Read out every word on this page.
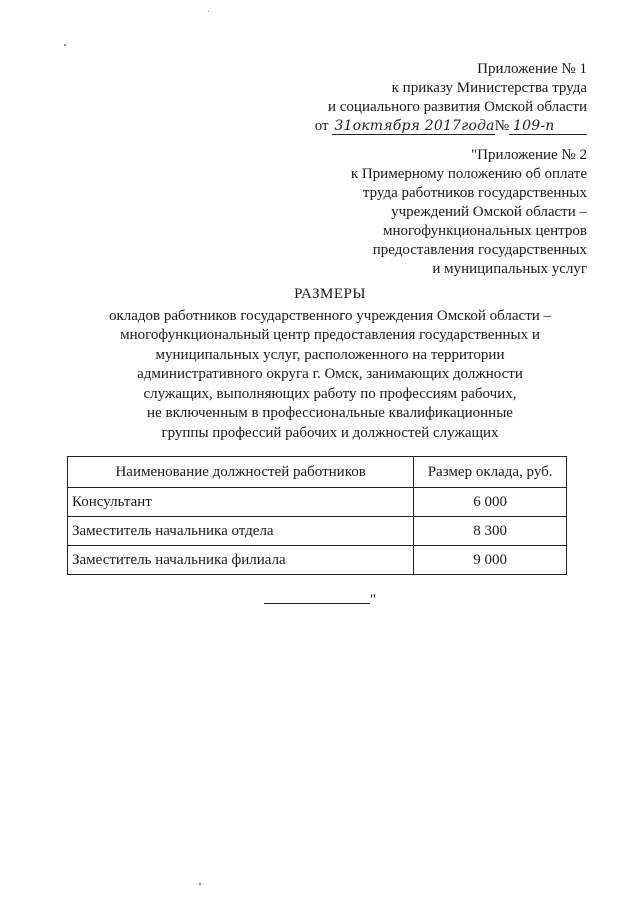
Приложение № 1
к приказу Министерства труда
и социального развития Омской области
от 31октября 2017года№ 109-п
"Приложение № 2
к Примерному положению об оплате
труда работников государственных
учреждений Омской области –
многофункциональных центров
предоставления государственных
и муниципальных услуг
РАЗМЕРЫ
окладов работников государственного учреждения Омской области –
многофункциональный центр предоставления государственных и
муниципальных услуг, расположенного на территории
административного округа г. Омск, занимающих должности
служащих, выполняющих работу по профессиям рабочих,
не включенным в профессиональные квалификационные
группы профессий рабочих и должностей служащих
Наименование должностей работников	Размер оклада, руб.
Консультант	6 000
Заместитель начальника отдела	8 300
Заместитель начальника филиала	9 000
"
